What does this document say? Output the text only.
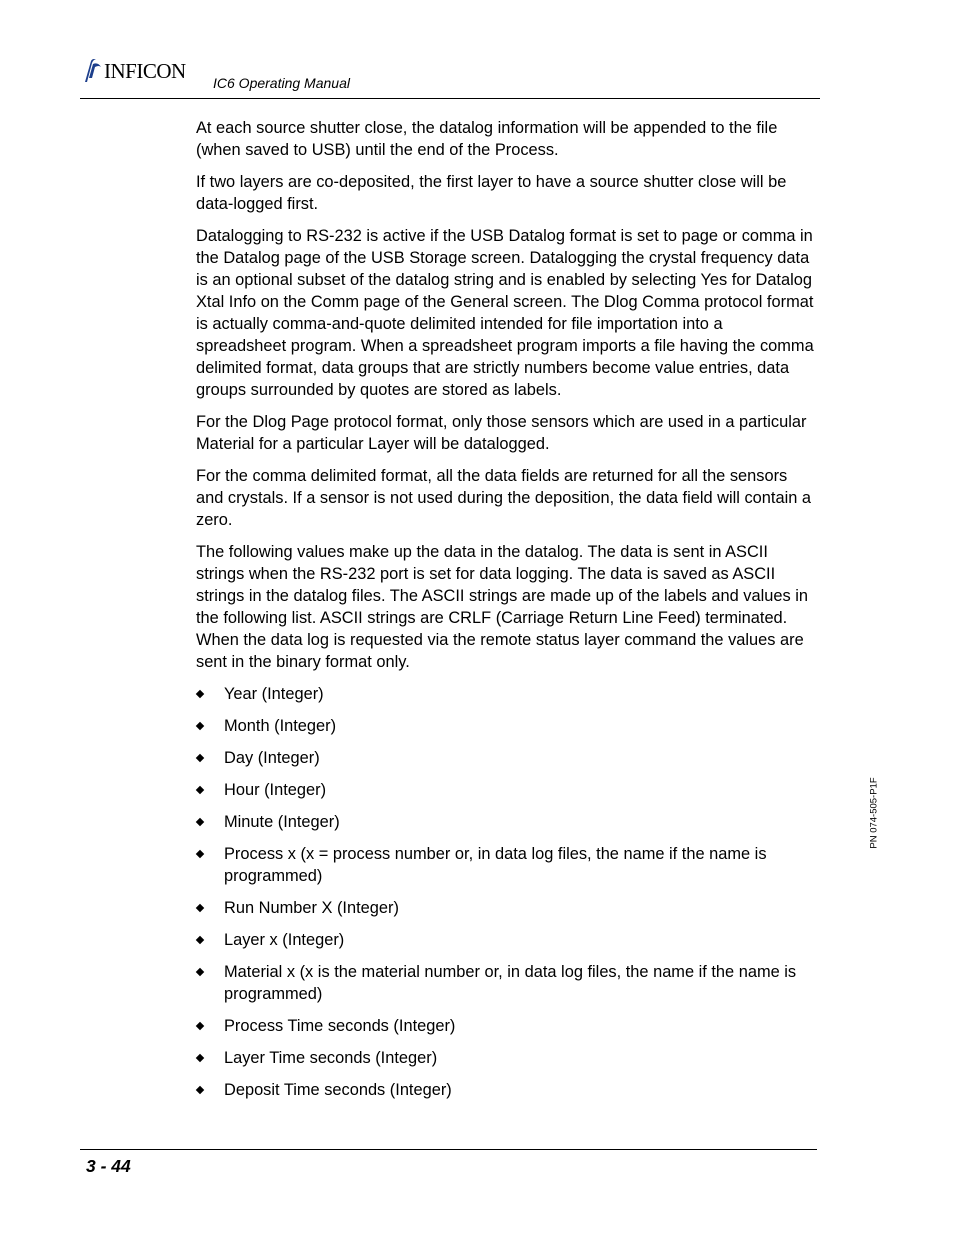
INFICON IC6 Operating Manual

At each source shutter close, the datalog information will be appended to the file (when saved to USB) until the end of the Process.

If two layers are co-deposited, the first layer to have a source shutter close will be data-logged first.

Datalogging to RS-232 is active if the USB Datalog format is set to page or comma in the Datalog page of the USB Storage screen. Datalogging the crystal frequency data is an optional subset of the datalog string and is enabled by selecting Yes for Datalog Xtal Info on the Comm page of the General screen. The Dlog Comma protocol format is actually comma-and-quote delimited intended for file importation into a spreadsheet program. When a spreadsheet program imports a file having the comma delimited format, data groups that are strictly numbers become value entries, data groups surrounded by quotes are stored as labels.

For the Dlog Page protocol format, only those sensors which are used in a particular Material for a particular Layer will be datalogged.

For the comma delimited format, all the data fields are returned for all the sensors and crystals. If a sensor is not used during the deposition, the data field will contain a zero.

The following values make up the data in the datalog. The data is sent in ASCII strings when the RS-232 port is set for data logging. The data is saved as ASCII strings in the datalog files. The ASCII strings are made up of the labels and values in the following list. ASCII strings are CRLF (Carriage Return Line Feed) terminated. When the data log is requested via the remote status layer command the values are sent in the binary format only.

Year (Integer)
Month (Integer)
Day (Integer)
Hour (Integer)
Minute (Integer)
Process x (x = process number or, in data log files, the name if the name is programmed)
Run Number X (Integer)
Layer x (Integer)
Material x (x is the material number or, in data log files, the name if the name is programmed)
Process Time seconds (Integer)
Layer Time seconds (Integer)
Deposit Time seconds (Integer)
PN 074-505-P1F
3 - 44
